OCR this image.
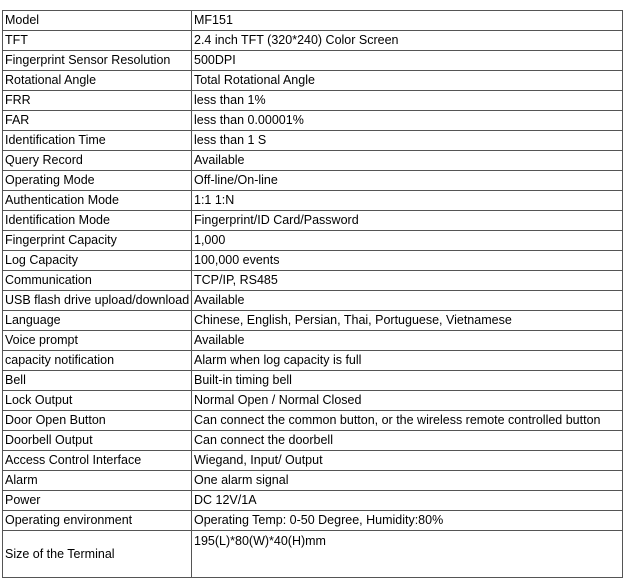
Model	MF151
TFT	2.4 inch TFT (320*240) Color Screen
Fingerprint Sensor Resolution	500DPI
Rotational Angle	Total Rotational Angle
FRR	less than 1%
FAR	less than 0.00001%
Identification Time	less than 1 S
Query Record	Available
Operating Mode	Off-line/On-line
Authentication Mode	1:1 1:N
Identification Mode	Fingerprint/ID Card/Password
Fingerprint Capacity	1,000
Log Capacity	100,000 events
Communication	TCP/IP, RS485
USB flash drive upload/download	Available
Language	Chinese, English, Persian, Thai, Portuguese, Vietnamese
Voice prompt	Available
capacity notification	Alarm when log capacity is full
Bell	Built-in timing bell
Lock Output	Normal Open / Normal Closed
Door Open Button	Can connect the common button, or the wireless remote controlled button
Doorbell Output	Can connect the doorbell
Access Control Interface	Wiegand, Input/ Output
Alarm	One alarm signal
Power	DC 12V/1A
Operating environment	Operating Temp: 0-50 Degree, Humidity:80%
Size of the Terminal	195(L)*80(W)*40(H)mm
